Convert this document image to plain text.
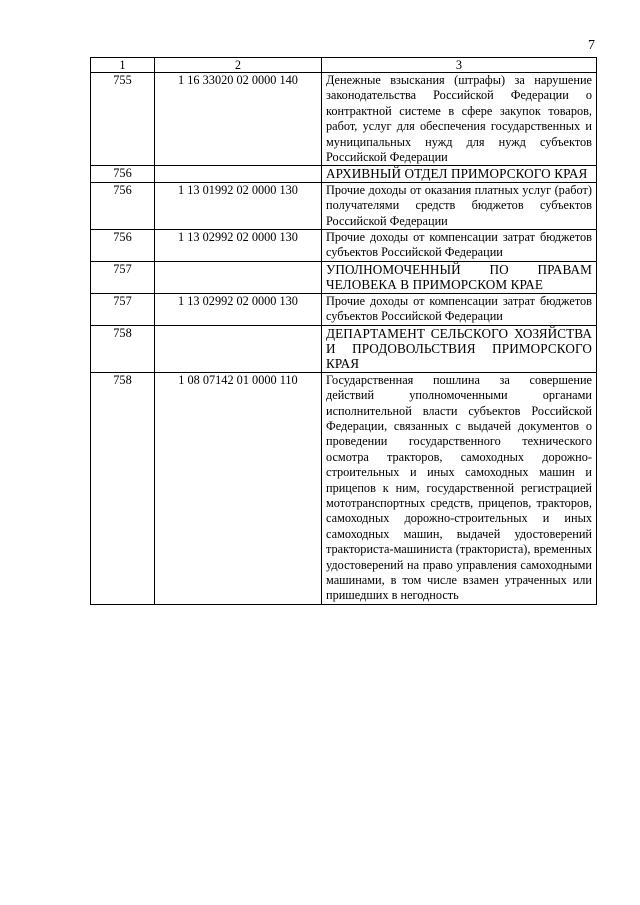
7
1	2	3
755	1 16 33020 02 0000 140	Денежные взыскания (штрафы) за нарушение законодательства Российской Федерации о контрактной системе в сфере закупок товаров, работ, услуг для обеспечения государственных и муниципальных нужд для нужд субъектов Российской Федерации
756		АРХИВНЫЙ ОТДЕЛ ПРИМОРСКОГО КРАЯ
756	1 13 01992 02 0000 130	Прочие доходы от оказания платных услуг (работ) получателями средств бюджетов субъектов Российской Федерации
756	1 13 02992 02 0000 130	Прочие доходы от компенсации затрат бюджетов субъектов Российской Федерации
757		УПОЛНОМОЧЕННЫЙ ПО ПРАВАМ ЧЕЛОВЕКА В ПРИМОРСКОМ КРАЕ
757	1 13 02992 02 0000 130	Прочие доходы от компенсации затрат бюджетов субъектов Российской Федерации
758		ДЕПАРТАМЕНТ СЕЛЬСКОГО ХОЗЯЙСТВА И ПРОДОВОЛЬСТВИЯ ПРИМОРСКОГО КРАЯ
758	1 08 07142 01 0000 110	Государственная пошлина за совершение действий уполномоченными органами исполнительной власти субъектов Российской Федерации, связанных с выдачей документов о проведении государственного технического осмотра тракторов, самоходных дорожно-строительных и иных самоходных машин и прицепов к ним, государственной регистрацией мототранспортных средств, прицепов, тракторов, самоходных дорожно-строительных и иных самоходных машин, выдачей удостоверений тракториста-машиниста (тракториста), временных удостоверений на право управления самоходными машинами, в том числе взамен утраченных или пришедших в негодность
